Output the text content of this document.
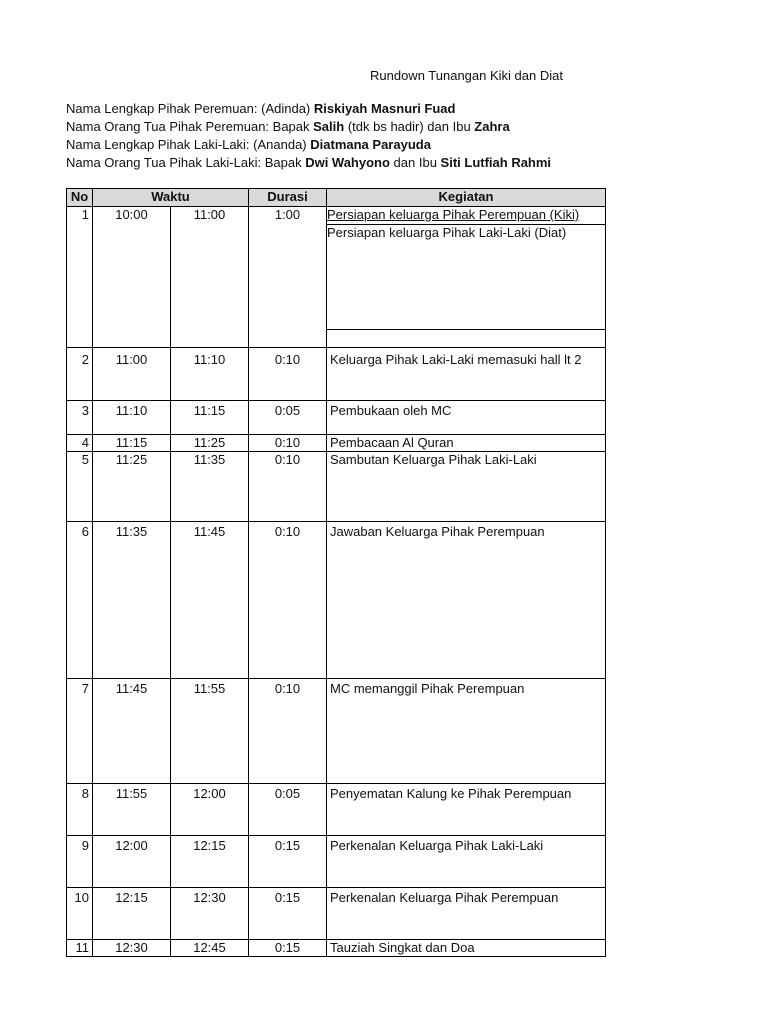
Rundown Tunangan Kiki dan Diat
Nama Lengkap Pihak Peremuan: (Adinda) Riskiyah Masnuri Fuad
Nama Orang Tua Pihak Peremuan: Bapak Salih (tdk bs hadir) dan Ibu Zahra
Nama Lengkap Pihak Laki-Laki: (Ananda) Diatmana Parayuda
Nama Orang Tua Pihak Laki-Laki: Bapak Dwi Wahyono dan Ibu Siti Lutfiah Rahmi
No	Waktu		Durasi	Kegiatan
1	10:00	11:00	1:00	Persiapan keluarga Pihak Perempuan (Kiki)
Persiapan keluarga Pihak Laki-Laki (Diat)

2	11:00	11:10	0:10	Keluarga Pihak Laki-Laki memasuki hall lt 2
3	11:10	11:15	0:05	Pembukaan oleh MC
4	11:15	11:25	0:10	Pembacaan Al Quran
5	11:25	11:35	0:10	Sambutan Keluarga Pihak Laki-Laki
6	11:35	11:45	0:10	Jawaban Keluarga Pihak Perempuan
7	11:45	11:55	0:10	MC memanggil Pihak Perempuan
8	11:55	12:00	0:05	Penyematan Kalung ke Pihak Perempuan
9	12:00	12:15	0:15	Perkenalan Keluarga Pihak Laki-Laki
10	12:15	12:30	0:15	Perkenalan Keluarga Pihak Perempuan
11	12:30	12:45	0:15	Tauziah Singkat dan Doa
